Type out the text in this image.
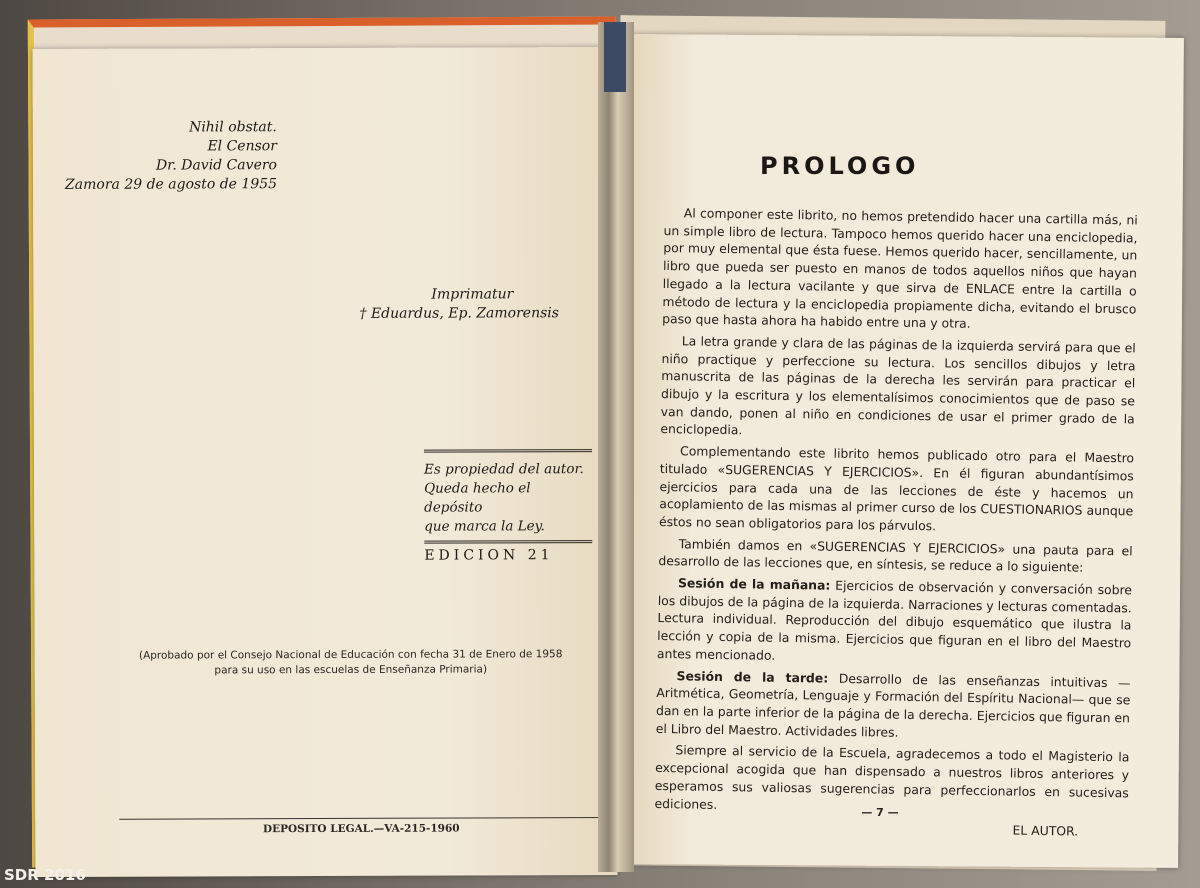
Nihil obstat.
El Censor
Dr. David Cavero
Zamora 29 de agosto de 1955
Imprimatur
† Eduardus, Ep. Zamorensis
Es propiedad del autor.
Queda hecho el depósito
que marca la Ley.
EDICION 21
(Aprobado por el Consejo Nacional de Educación con fecha 31 de Enero de 1958
para su uso en las escuelas de Enseñanza Primaria)
DEPOSITO LEGAL.—VA-215-1960
PROLOGO

Al componer este librito, no hemos pretendido hacer una cartilla más, ni un simple libro de lectura. Tampoco hemos querido hacer una enciclopedia, por muy elemental que ésta fuese. Hemos querido hacer, sencillamente, un libro que pueda ser puesto en manos de todos aquellos niños que hayan llegado a la lectura vacilante y que sirva de ENLACE entre la cartilla o método de lectura y la enciclopedia propiamente dicha, evitando el brusco paso que hasta ahora ha habido entre una y otra.

La letra grande y clara de las páginas de la izquierda servirá para que el niño practique y perfeccione su lectura. Los sencillos dibujos y letra manuscrita de las páginas de la derecha les servirán para practicar el dibujo y la escritura y los elementalísimos conocimientos que de paso se van dando, ponen al niño en condiciones de usar el primer grado de la enciclopedia.

Complementando este librito hemos publicado otro para el Maestro titulado «SUGERENCIAS Y EJERCICIOS». En él figuran abundantísimos ejercicios para cada una de las lecciones de éste y hacemos un acoplamiento de las mismas al primer curso de los CUESTIONARIOS aunque éstos no sean obligatorios para los párvulos.

También damos en «SUGERENCIAS Y EJERCICIOS» una pauta para el desarrollo de las lecciones que, en síntesis, se reduce a lo siguiente:

Sesión de la mañana: Ejercicios de observación y conversación sobre los dibujos de la página de la izquierda. Narraciones y lecturas comentadas. Lectura individual. Reproducción del dibujo esquemático que ilustra la lección y copia de la misma. Ejercicios que figuran en el libro del Maestro antes mencionado.

Sesión de la tarde: Desarrollo de las enseñanzas intuitivas —Aritmética, Geometría, Lenguaje y Formación del Espíritu Nacional— que se dan en la parte inferior de la página de la derecha. Ejercicios que figuran en el Libro del Maestro. Actividades libres.

Siempre al servicio de la Escuela, agradecemos a todo el Magisterio la excepcional acogida que han dispensado a nuestros libros anteriores y esperamos sus valiosas sugerencias para perfeccionarlos en sucesivas ediciones.

EL AUTOR.
— 7 —
SDR 2016
